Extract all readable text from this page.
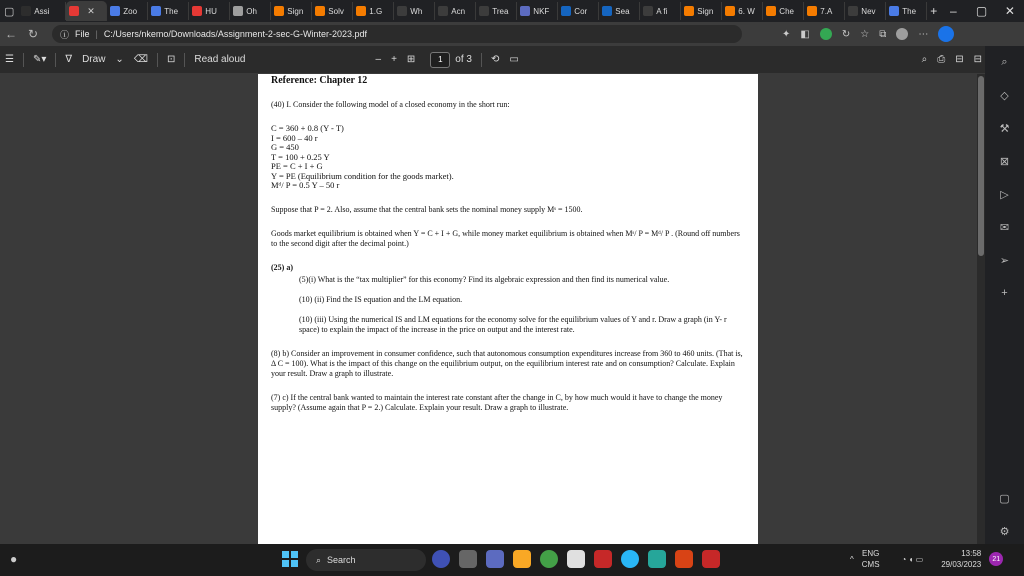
▢	Assi	✕	Zoo	The	HU	Oh	Sign	Solv	1.G	Wh	Acn	Trea	NKF	Cor	Sea	A fi	Sign	6. W	Che	7.A	Nev	The +	–	▢	✕
← ↻	ⓘ File | C:/Users/nkemo/Downloads/Assignment-2-sec-G-Winter-2023.pdf	✦ ◧	↻ ☆ ⧉	⋯
☰	✎▾	∇	Draw	⌄	⌫	⊡	Read aloud	–	+	⊞	1	of 3	⟲	▭	⌕	⎙	⊟	⊟
Reference: Chapter 12

(40) I. Consider the following model of a closed economy in the short run:

C = 360 + 0.8 (Y - T)
I = 600 – 40 r
G = 450
T = 100 + 0.25 Y
PE = C + I + G
Y = PE (Equilibrium condition for the goods market).
Mᵈ/ P = 0.5 Y – 50 r

Suppose that P = 2. Also, assume that the central bank sets the nominal money supply Mˢ = 1500.

Goods market equilibrium is obtained when Y = C + I + G, while money market equilibrium is obtained when Mˢ/ P = Mᵈ/ P . (Round off numbers to the second digit after the decimal point.)

(25) a)

(5)(i) What is the “tax multiplier” for this economy? Find its algebraic expression and then find its numerical value.

(10) (ii) Find the IS equation and the LM equation.

(10) (iii) Using the numerical IS and LM equations for the economy solve for the equilibrium values of Y and r. Draw a graph (in Y- r space) to explain the impact of the increase in the price on output and the interest rate.

(8) b) Consider an improvement in consumer confidence, such that autonomous consumption expenditures increase from 360 to 460 units. (That is, Δ C = 100). What is the impact of this change on the equilibrium output, on the equilibrium interest rate and on consumption? Calculate. Explain your result. Draw a graph to illustrate.

(7) c) If the central bank wanted to maintain the interest rate constant after the change in C, by how much would it have to change the money supply? (Assume again that P = 2.) Calculate. Explain your result. Draw a graph to illustrate.

⌕
◇
⚒
⊠
▷
✉
➢
+
▢
⚙
●	⌕ Search	^
ENG
CMS
◔ ◖ ▭
13:58
29/03/2023
21
